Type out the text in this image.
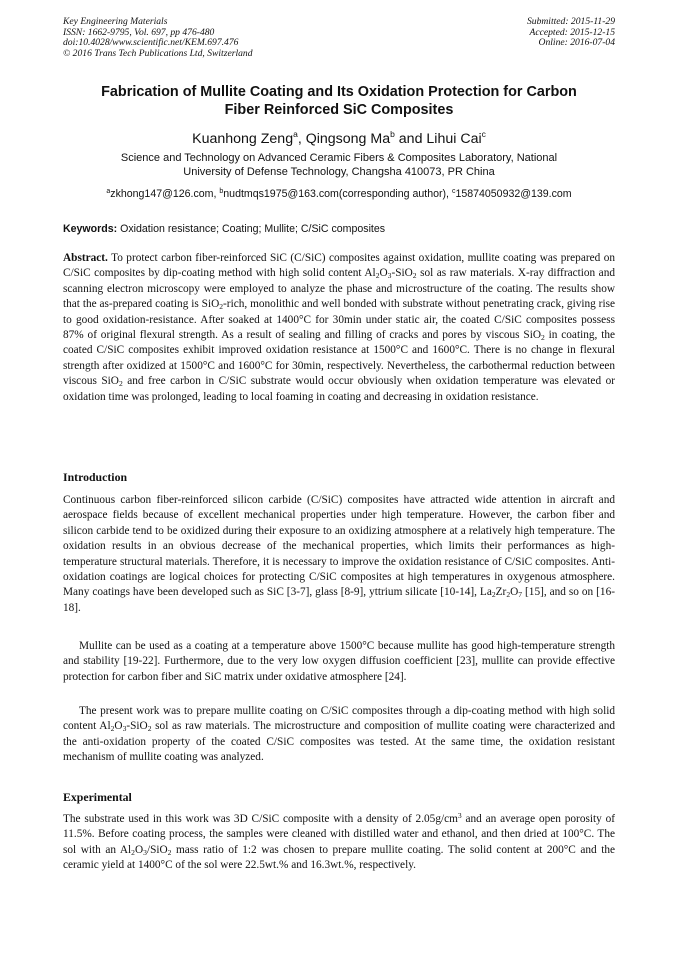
Key Engineering Materials
ISSN: 1662-9795, Vol. 697, pp 476-480
doi:10.4028/www.scientific.net/KEM.697.476
© 2016 Trans Tech Publications Ltd, Switzerland
Submitted: 2015-11-29
Accepted: 2015-12-15
Online: 2016-07-04
Fabrication of Mullite Coating and Its Oxidation Protection for Carbon
Fiber Reinforced SiC Composites
Kuanhong Zeng$^a$, Qingsong Ma$^b$ and Lihui Cai$^c$
Science and Technology on Advanced Ceramic Fibers & Composites Laboratory, National
University of Defense Technology, Changsha 410073, PR China
$^a$zkhong147@126.com, $^b$nudtmqs1975@163.com(corresponding author), $^c$15874050932@139.com
Keywords: Oxidation resistance; Coating; Mullite; C/SiC composites

Abstract. To protect carbon fiber-reinforced SiC (C/SiC) composites against oxidation, mullite coating was prepared on C/SiC composites by dip-coating method with high solid content $Al_2O_3-SiO_2$ sol as raw materials. X-ray diffraction and scanning electron microscopy were employed to analyze the phase and microstructure of the coating. The results show that the as-prepared coating is SiO$_2$-rich, monolithic and well bonded with substrate without penetrating crack, giving rise to good oxidation-resistance. After soaked at 1400°C for 30min under static air, the coated C/SiC composites possess 87% of original flexural strength. As a result of sealing and filling of cracks and pores by viscous SiO$_2$ in coating, the coated C/SiC composites exhibit improved oxidation resistance at 1500°C and 1600°C. There is no change in flexural strength after oxidized at 1500°C and 1600°C for 30min, respectively. Nevertheless, the carbothermal reduction between viscous SiO$_2$ and free carbon in C/SiC substrate would occur obviously when oxidation temperature was elevated or oxidation time was prolonged, leading to local foaming in coating and decreasing in oxidation resistance.

Introduction

Continuous carbon fiber-reinforced silicon carbide (C/SiC) composites have attracted wide attention in aircraft and aerospace fields because of excellent mechanical properties under high temperature. However, the carbon fiber and silicon carbide tend to be oxidized during their exposure to an oxidizing atmosphere at a relatively high temperature. The oxidation results in an obvious decrease of the mechanical properties, which limits their performances as high-temperature structural materials. Therefore, it is necessary to improve the oxidation resistance of C/SiC composites. Anti-oxidation coatings are logical choices for protecting C/SiC composites at high temperatures in oxygenous atmosphere. Many coatings have been developed such as SiC [3-7], glass [8-9], yttrium silicate [10-14], $La_2Zr_2O_7$ [15], and so on [16-18].

Mullite can be used as a coating at a temperature above 1500°C because mullite has good high-temperature strength and stability [19-22]. Furthermore, due to the very low oxygen diffusion coefficient [23], mullite can provide effective protection for carbon fiber and SiC matrix under oxidative atmosphere [24].

The present work was to prepare mullite coating on C/SiC composites through a dip-coating method with high solid content $Al_2O_3-SiO_2$ sol as raw materials. The microstructure and composition of mullite coating were characterized and the anti-oxidation property of the coated C/SiC composites was tested. At the same time, the oxidation resistant mechanism of mullite coating was analyzed.

Experimental

The substrate used in this work was 3D C/SiC composite with a density of $2.05g/cm^3$ and an average open porosity of 11.5%. Before coating process, the samples were cleaned with distilled water and ethanol, and then dried at 100°C. The sol with an $Al_2O_3/SiO_2$ mass ratio of 1:2 was chosen to prepare mullite coating. The solid content at 200°C and the ceramic yield at 1400°C of the sol were 22.5wt.% and 16.3wt.%, respectively.
